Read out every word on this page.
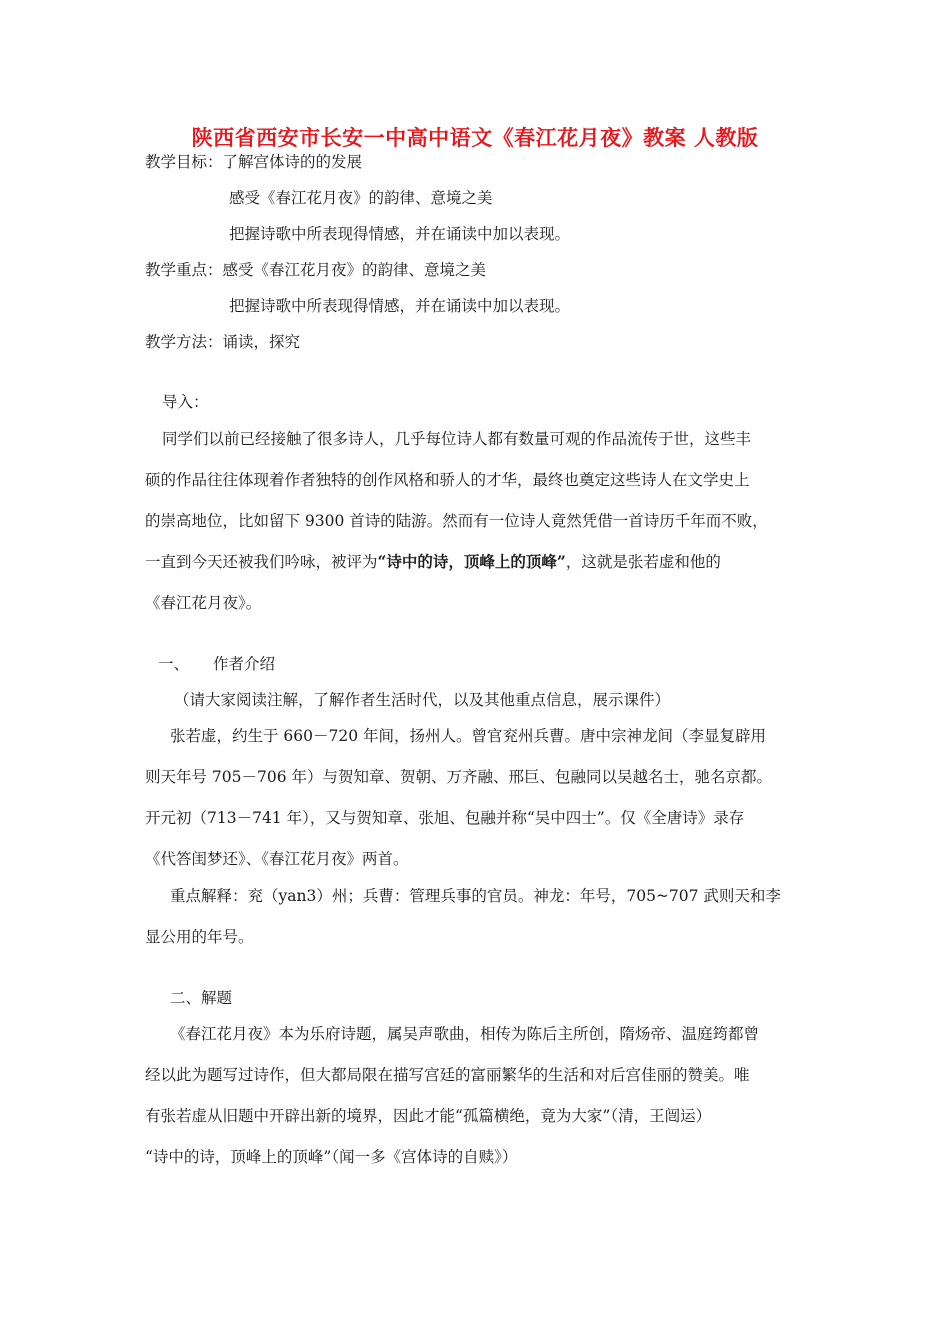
陕西省西安市长安一中高中语文《春江花月夜》教案 人教版
教学目标：了解宫体诗的的发展
感受《春江花月夜》的韵律、意境之美
把握诗歌中所表现得情感，并在诵读中加以表现。
教学重点：感受《春江花月夜》的韵律、意境之美
把握诗歌中所表现得情感，并在诵读中加以表现。
教学方法：诵读，探究
导入：
同学们以前已经接触了很多诗人，几乎每位诗人都有数量可观的作品流传于世，这些丰
硕的作品往往体现着作者独特的创作风格和骄人的才华，最终也奠定这些诗人在文学史上
的崇高地位，比如留下 9300 首诗的陆游。然而有一位诗人竟然凭借一首诗历千年而不败，
一直到今天还被我们吟咏，被评为“诗中的诗，顶峰上的顶峰”，这就是张若虚和他的
《春江花月夜》。
一、 作者介绍
（请大家阅读注解，了解作者生活时代，以及其他重点信息，展示课件）
张若虚，约生于 660－720 年间，扬州人。曾官兖州兵曹。唐中宗神龙间（李显复辟用
则天年号 705－706 年）与贺知章、贺朝、万齐融、邢巨、包融同以吴越名士，驰名京都。
开元初（713－741 年），又与贺知章、张旭、包融并称“吴中四士”。仅《全唐诗》录存
《代答闺梦还》、《春江花月夜》两首。
重点解释：兖（yan3）州；兵曹：管理兵事的官员。神龙：年号，705~707 武则天和李
显公用的年号。
二、解题
《春江花月夜》本为乐府诗题，属吴声歌曲，相传为陈后主所创，隋炀帝、温庭筠都曾
经以此为题写过诗作，但大都局限在描写宫廷的富丽繁华的生活和对后宫佳丽的赞美。唯
有张若虚从旧题中开辟出新的境界，因此才能“孤篇横绝，竟为大家”（清，王闿运）
“诗中的诗，顶峰上的顶峰”（闻一多《宫体诗的自赎》）
